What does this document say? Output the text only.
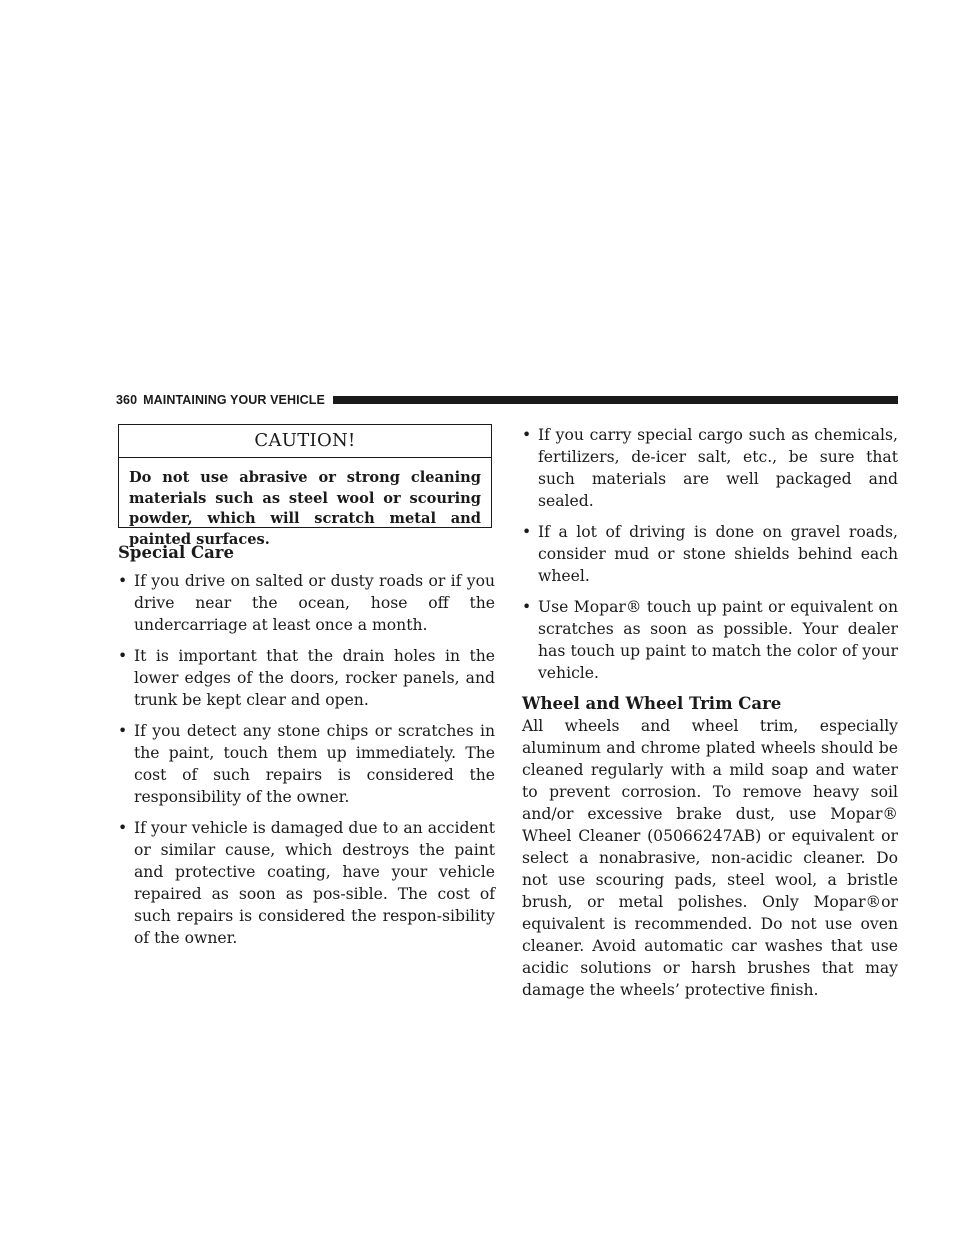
360 MAINTAINING YOUR VEHICLE
CAUTION!
Do not use abrasive or strong cleaning materials such as steel wool or scouring powder, which will scratch metal and painted surfaces.
Special Care
• If you drive on salted or dusty roads or if you drive near the ocean, hose off the undercarriage at least once a month.
• It is important that the drain holes in the lower edges of the doors, rocker panels, and trunk be kept clear and open.
• If you detect any stone chips or scratches in the paint, touch them up immediately. The cost of such repairs is considered the responsibility of the owner.
• If your vehicle is damaged due to an accident or similar cause, which destroys the paint and protective coating, have your vehicle repaired as soon as pos-sible. The cost of such repairs is considered the respon-sibility of the owner.
• If you carry special cargo such as chemicals, fertilizers, de-icer salt, etc., be sure that such materials are well packaged and sealed.
• If a lot of driving is done on gravel roads, consider mud or stone shields behind each wheel.
• Use Mopar® touch up paint or equivalent on scratches as soon as possible. Your dealer has touch up paint to match the color of your vehicle.
Wheel and Wheel Trim Care
All wheels and wheel trim, especially aluminum and chrome plated wheels should be cleaned regularly with a mild soap and water to prevent corrosion. To remove heavy soil and/or excessive brake dust, use Mopar® Wheel Cleaner (05066247AB) or equivalent or select a nonabrasive, non-acidic cleaner. Do not use scouring pads, steel wool, a bristle brush, or metal polishes. Only Mopar®or equivalent is recommended. Do not use oven cleaner. Avoid automatic car washes that use acidic solutions or harsh brushes that may damage the wheels’ protective finish.
